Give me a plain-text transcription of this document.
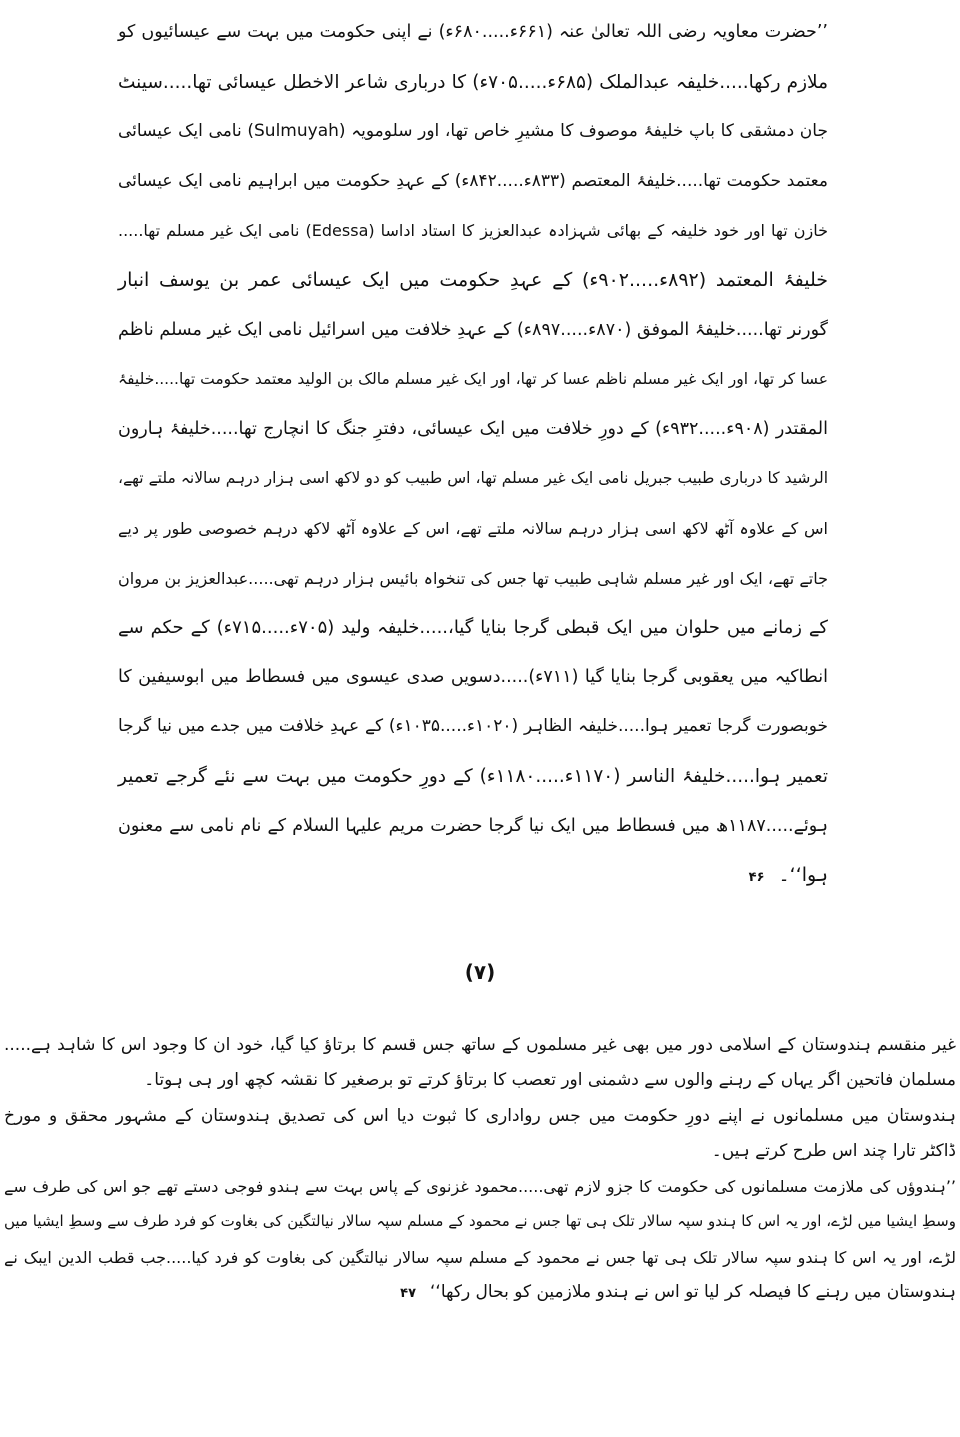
’’حضرت معاویہ رضی اللہ تعالیٰ عنہ (۶۶۱ء.....۶۸۰ء) نے اپنی حکومت میں بہت سے عیسائیوں کو
ملازم رکھا.....خلیفہ عبدالملک (۶۸۵ء.....۷۰۵ء) کا درباری شاعر الاخطل عیسائی تھا.....سینٹ
جان دمشقی کا باپ خلیفۂ موصوف کا مشیرِ خاص تھا، اور سلومویہ (Sulmuyah) نامی ایک عیسائی
معتمد حکومت تھا.....خلیفۂ المعتصم (۸۳۳ء.....۸۴۲ء) کے عہدِ حکومت میں ابراہیم نامی ایک عیسائی
خازن تھا اور خود خلیفہ کے بھائی شہزادہ عبدالعزیز کا استاد اداسا (Edessa) نامی ایک غیر مسلم تھا.....
خلیفۂ المعتمد (۸۹۲ء.....۹۰۲ء) کے عہدِ حکومت میں ایک عیسائی عمر بن یوسف انبار
گورنر تھا.....خلیفۂ الموفق (۸۷۰ء.....۸۹۷ء) کے عہدِ خلافت میں اسرائیل نامی ایک غیر مسلم ناظم
عسا کر تھا، اور ایک غیر مسلم ناظم عسا کر تھا، اور ایک غیر مسلم مالک بن الولید معتمد حکومت تھا.....خلیفۂ
المقتدر (۹۰۸ء.....۹۳۲ء) کے دورِ خلافت میں ایک عیسائی، دفترِ جنگ کا انچارج تھا.....خلیفۂ ہارون
الرشید کا درباری طبیب جبریل نامی ایک غیر مسلم تھا، اس طبیب کو دو لاکھ اسی ہزار درہم سالانہ ملتے تھے،
اس کے علاوہ آٹھ لاکھ اسی ہزار درہم سالانہ ملتے تھے، اس کے علاوہ آٹھ لاکھ درہم خصوصی طور پر دیے
جاتے تھے، ایک اور غیر مسلم شاہی طبیب تھا جس کی تنخواہ بائیس ہزار درہم تھی.....عبدالعزیز بن مروان
کے زمانے میں حلوان میں ایک قبطی گرجا بنایا گیا،.....خلیفہ ولید (۷۰۵ء.....۷۱۵ء) کے حکم سے
انطاکیہ میں یعقوبی گرجا بنایا گیا (۷۱۱ء).....دسویں صدی عیسوی میں فسطاط میں ابوسیفین کا
خوبصورت گرجا تعمیر ہوا.....خلیفہ الظاہر (۱۰۲۰ء.....۱۰۳۵ء) کے عہدِ خلافت میں جدے میں نیا گرجا
تعمیر ہوا.....خلیفۂ الناسر (۱۱۷۰ء.....۱۱۸۰ء) کے دورِ حکومت میں بہت سے نئے گرجے تعمیر
ہوئے.....۱۱۸۷ھ میں فسطاط میں ایک نیا گرجا حضرت مریم علیہا السلام کے نام نامی سے معنون
ہوا‘‘۔۴۶
(۷)
غیر منقسم ہندوستان کے اسلامی دور میں بھی غیر مسلموں کے ساتھ جس قسم کا برتاؤ کیا گیا، خود ان کا وجود اس کا شاہد ہے.....
مسلمان فاتحین اگر یہاں کے رہنے والوں سے دشمنی اور تعصب کا برتاؤ کرتے تو برصغیر کا نقشہ کچھ اور ہی ہوتا۔
ہندوستان میں مسلمانوں نے اپنے دورِ حکومت میں جس رواداری کا ثبوت دیا اس کی تصدیق ہندوستان کے مشہور محقق و مورخ
ڈاکٹر تارا چند اس طرح کرتے ہیں۔
’’ہندوؤں کی ملازمت مسلمانوں کی حکومت کا جزو لازم تھی.....محمود غزنوی کے پاس بہت سے ہندو فوجی دستے تھے جو اس کی طرف سے
وسطِ ایشیا میں لڑے، اور یہ اس کا ہندو سپہ سالار تلک ہی تھا جس نے محمود کے مسلم سپہ سالار نیالتگین کی بغاوت کو فرد طرف سے وسطِ ایشیا میں
لڑے، اور یہ اس کا ہندو سپہ سالار تلک ہی تھا جس نے محمود کے مسلم سپہ سالار نیالتگین کی بغاوت کو فرد کیا.....جب قطب الدین ایبک نے
ہندوستان میں رہنے کا فیصلہ کر لیا تو اس نے ہندو ملازمین کو بحال رکھا‘‘۴۷
